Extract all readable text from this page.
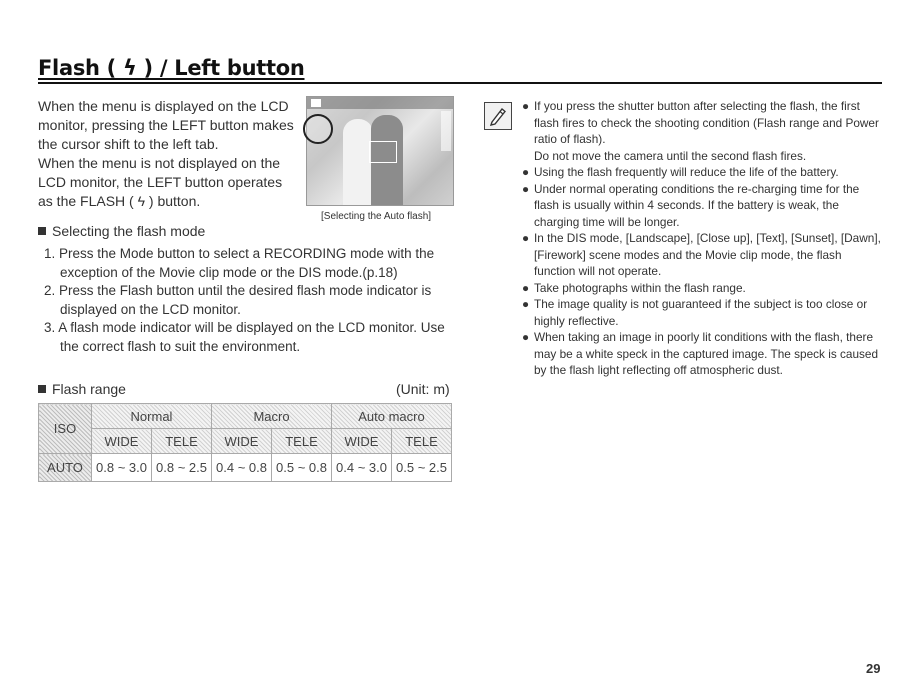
Flash ( ϟ ) / Left button

When the menu is displayed on the LCD monitor, pressing the LEFT button makes the cursor shift to the left tab.

When the menu is not displayed on the LCD monitor, the LEFT button operates as the FLASH ( ϟ ) button.

[Selecting the Auto flash]
Selecting the flash mode
1. Press the Mode button to select a RECORDING mode with the exception of the Movie clip mode or the DIS mode.(p.18)
2. Press the Flash button until the desired flash mode indicator is displayed on the LCD monitor.
3. A flash mode indicator will be displayed on the LCD monitor. Use the correct flash to suit the environment.
Flash range	(Unit: m)
ISO	Normal		Macro		Auto macro	
	WIDE	TELE	WIDE	TELE	WIDE	TELE
AUTO	0.8 ~ 3.0	0.8 ~ 2.5	0.4 ~ 0.8	0.5 ~ 0.8	0.4 ~ 3.0	0.5 ~ 2.5
● If you press the shutter button after selecting the flash, the first flash fires to check the shooting condition (Flash range and Power ratio of flash).
Do not move the camera until the second flash fires.
● Using the flash frequently will reduce the life of the battery.
● Under normal operating conditions the re-charging time for the flash is usually within 4 seconds. If the battery is weak, the charging time will be longer.
● In the DIS mode, [Landscape], [Close up], [Text], [Sunset], [Dawn], [Firework] scene modes and the Movie clip mode, the flash function will not operate.
● Take photographs within the flash range.
● The image quality is not guaranteed if the subject is too close or highly reflective.
● When taking an image in poorly lit conditions with the flash, there may be a white speck in the captured image. The speck is caused by the flash light reflecting off atmospheric dust.
29
